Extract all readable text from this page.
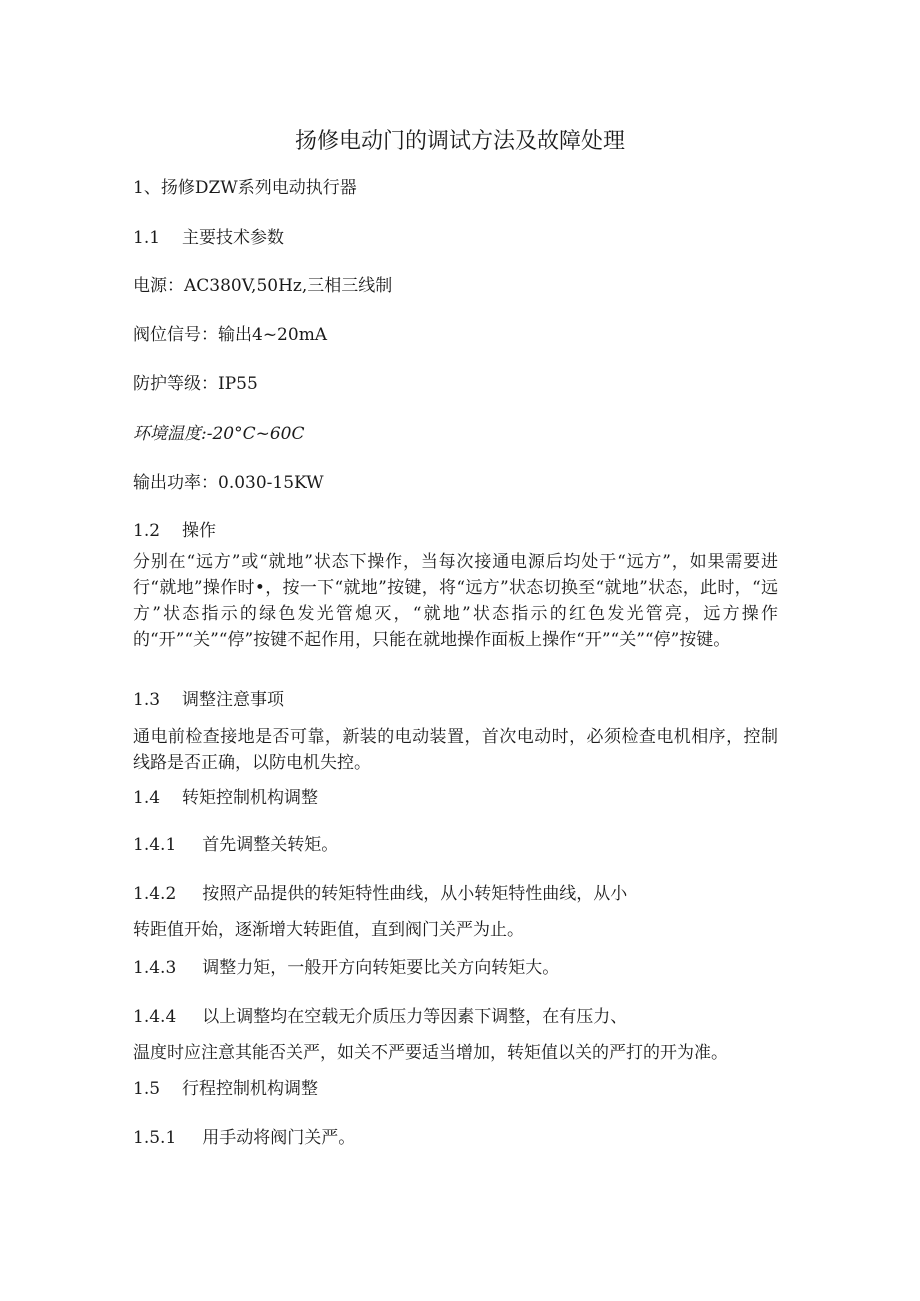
扬修电动门的调试方法及故障处理
1、扬修DZW系列电动执行器
1.1 主要技术参数
电源：AC380V,50Hz,三相三线制
阀位信号：输出4~20mA
防护等级：IP55
环境温度:-20°C~60C
输出功率：0.030-15KW
1.2 操作
分别在“远方”或“就地”状态下操作，当每次接通电源后均处于“远方”，如果需要进行“就地”操作时•，按一下“就地”按键，将“远方”状态切换至“就地”状态，此时，“远方”状态指示的绿色发光管熄灭，“就地”状态指示的红色发光管亮，远方操作的“开”“关”“停”按键不起作用，只能在就地操作面板上操作“开”“关”“停”按键。
1.3 调整注意事项
通电前检查接地是否可靠，新装的电动装置，首次电动时，必须检查电机相序，控制线路是否正确，以防电机失控。
1.4 转矩控制机构调整
1.4.1 首先调整关转矩。
1.4.2 按照产品提供的转矩特性曲线，从小转矩特性曲线，从小
转距值开始，逐渐增大转距值，直到阀门关严为止。
1.4.3 调整力矩，一般开方向转矩要比关方向转矩大。
1.4.4 以上调整均在空载无介质压力等因素下调整，在有压力、
温度时应注意其能否关严，如关不严要适当增加，转矩值以关的严打的开为准。
1.5 行程控制机构调整
1.5.1 用手动将阀门关严。
